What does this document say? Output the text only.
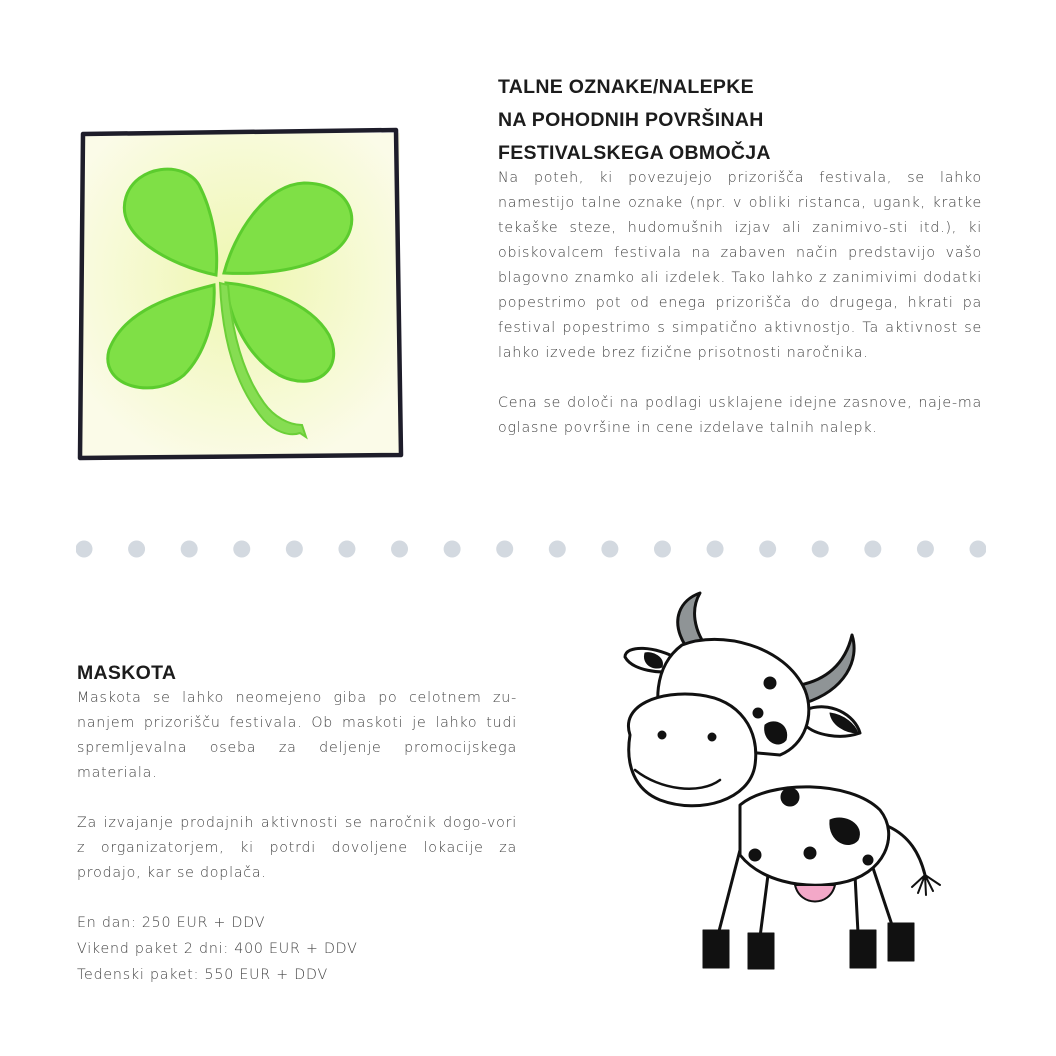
TALNE OZNAKE/NALEPKE
NA POHODNIH POVRŠINAH
FESTIVALSKEGA OBMOČJA

Na poteh, ki povezujejo prizorišča festivala, se lahko namestijo talne oznake (npr. v obliki ristanca, ugank, kratke tekaške steze, hudomušnih izjav ali zanimivo-sti itd.), ki obiskovalcem festivala na zabaven način predstavijo vašo blagovno znamko ali izdelek. Tako lahko z zanimivimi dodatki popestrimo pot od enega prizorišča do drugega, hkrati pa festival popestrimo s simpatično aktivnostjo. Ta aktivnost se lahko izvede brez fizične prisotnosti naročnika.

Cena se določi na podlagi usklajene idejne zasnove, naje-ma oglasne površine in cene izdelave talnih nalepk.

MASKOTA

Maskota se lahko neomejeno giba po celotnem zu-nanjem prizorišču festivala. Ob maskoti je lahko tudi spremljevalna oseba za deljenje promocijskega materiala.

Za izvajanje prodajnih aktivnosti se naročnik dogo-vori z organizatorjem, ki potrdi dovoljene lokacije za prodajo, kar se doplača.

En dan: 250 EUR + DDV
Vikend paket 2 dni: 400 EUR + DDV
Tedenski paket: 550 EUR + DDV
